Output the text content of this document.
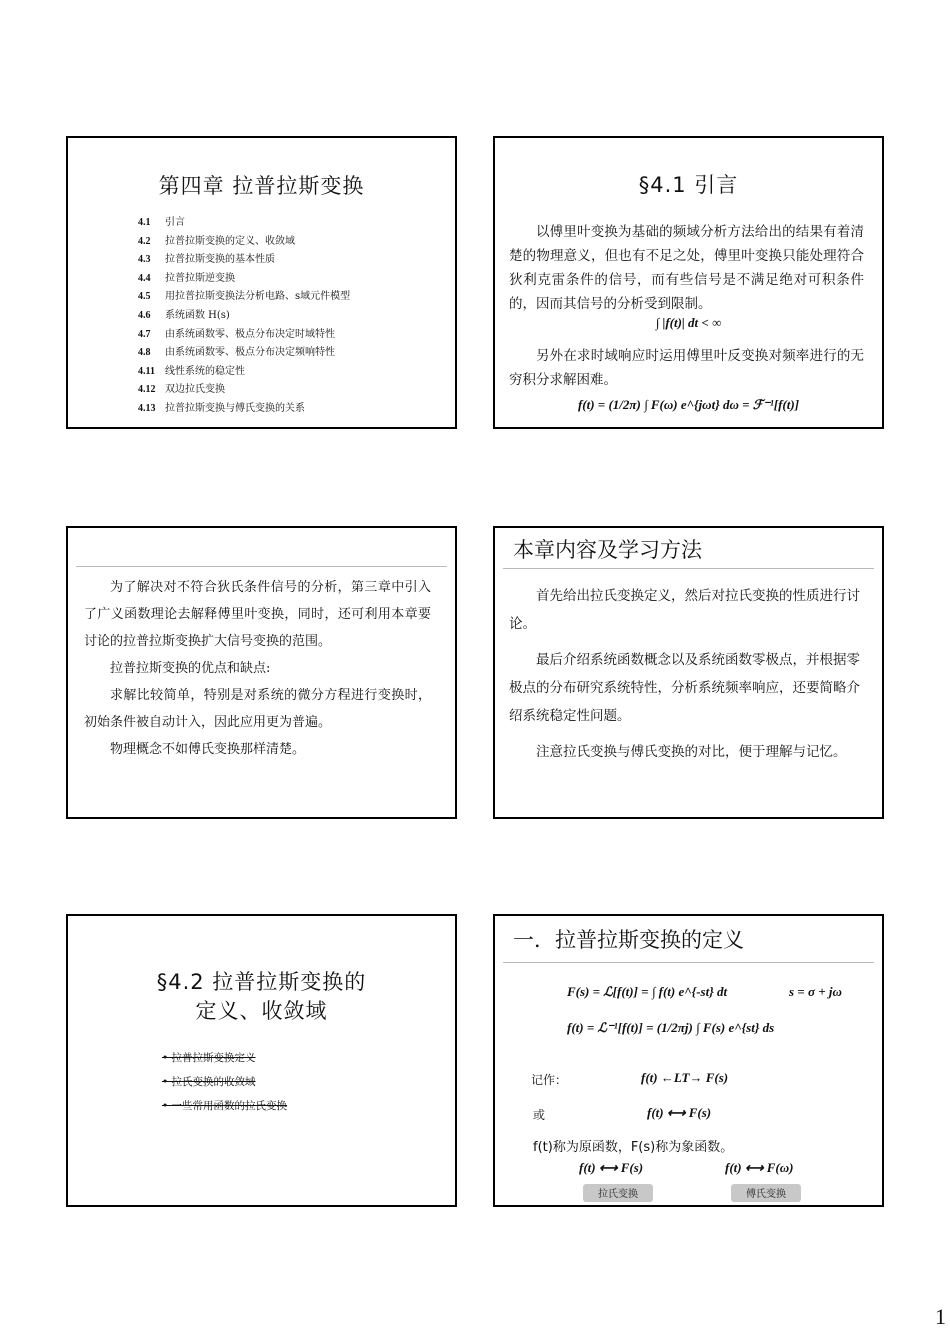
第四章 拉普拉斯变换
4.1 引言
4.2 拉普拉斯变换的定义、收敛域
4.3 拉普拉斯变换的基本性质
4.4 拉普拉斯逆变换
4.5 用拉普拉斯变换法分析电路、s域元件模型
4.6 系统函数 H(s)
4.7 由系统函数零、极点分布决定时域特性
4.8 由系统函数零、极点分布决定频响特性
4.11 线性系统的稳定性
4.12 双边拉氏变换
4.13 拉普拉斯变换与傅氏变换的关系
§4.1 引言
以傅里叶变换为基础的频域分析方法给出的结果有着清楚的物理意义，但也有不足之处，傅里叶变换只能处理符合狄利克雷条件的信号，而有些信号是不满足绝对可积条件的，因而其信号的分析受到限制。
∫ |f(t)| dt < ∞
另外在求时域响应时运用傅里叶反变换对频率进行的无穷积分求解困难。
f(t) = (1/2π) ∫ F(ω) e^{jωt} dω = ℱ⁻¹[f(t)]
为了解决对不符合狄氏条件信号的分析，第三章中引入了广义函数理论去解释傅里叶变换，同时，还可利用本章要讨论的拉普拉斯变换扩大信号变换的范围。
拉普拉斯变换的优点和缺点:
求解比较简单，特别是对系统的微分方程进行变换时，初始条件被自动计入，因此应用更为普遍。
物理概念不如傅氏变换那样清楚。
本章内容及学习方法
首先给出拉氏变换定义，然后对拉氏变换的性质进行讨论。
最后介绍系统函数概念以及系统函数零极点，并根据零极点的分布研究系统特性，分析系统频率响应，还要简略介绍系统稳定性问题。
注意拉氏变换与傅氏变换的对比，便于理解与记忆。
§4.2 拉普拉斯变换的
定义、收敛域
• 拉普拉斯变换定义
• 拉氏变换的收敛域
• 一些常用函数的拉氏变换
一．拉普拉斯变换的定义
F(s) = ℒ[f(t)] = ∫ f(t) e^{-st} dt	s = σ + jω
f(t) = ℒ⁻¹[f(t)] = (1/2πj) ∫ F(s) e^{st} ds
记作：	f(t) ←LT→ F(s)
或	f(t) ⟷ F(s)
f(t)称为原函数，F(s)称为象函数。
f(t) ⟷ F(s)	f(t) ⟷ F(ω)
拉氏变换	傅氏变换
1
